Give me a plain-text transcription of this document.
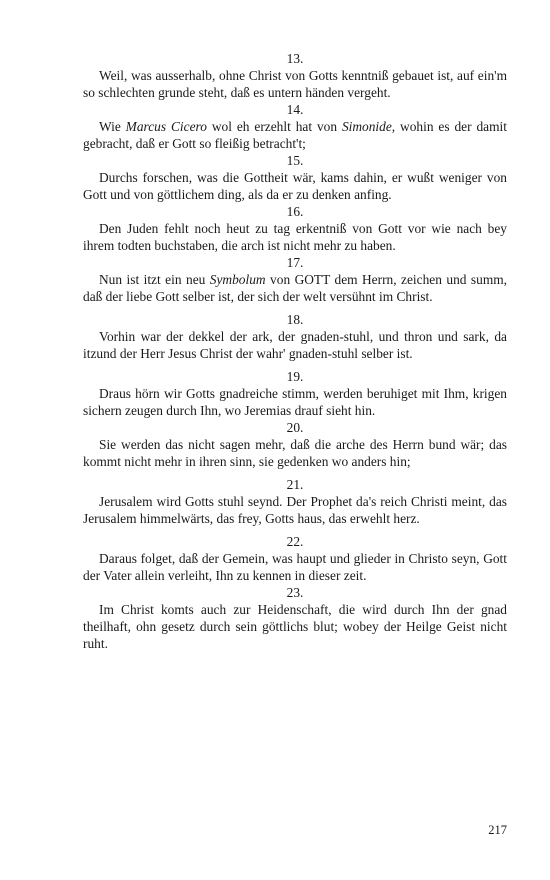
13.

Weil, was ausserhalb, ohne Christ von Gotts kenntniß gebauet ist, auf ein'm so schlechten grunde steht, daß es untern händen vergeht.

14.

Wie Marcus Cicero wol eh erzehlt hat von Simonide, wohin es der damit gebracht, daß er Gott so fleißig betracht't;

15.

Durchs forschen, was die Gottheit wär, kams dahin, er wußt weniger von Gott und von göttlichem ding, als da er zu denken anfing.

16.

Den Juden fehlt noch heut zu tag erkentniß von Gott vor wie nach bey ihrem todten buchstaben, die arch ist nicht mehr zu haben.

17.

Nun ist itzt ein neu Symbolum von GOTT dem Herrn, zeichen und summ, daß der liebe Gott selber ist, der sich der welt versühnt im Christ.

18.

Vorhin war der dekkel der ark, der gnaden-stuhl, und thron und sark, da itzund der Herr Jesus Christ der wahr' gnaden-stuhl selber ist.

19.

Draus hörn wir Gotts gnadreiche stimm, werden beruhiget mit Ihm, krigen sichern zeugen durch Ihn, wo Jeremias drauf sieht hin.

20.

Sie werden das nicht sagen mehr, daß die arche des Herrn bund wär; das kommt nicht mehr in ihren sinn, sie gedenken wo anders hin;

21.

Jerusalem wird Gotts stuhl seynd. Der Prophet da's reich Christi meint, das Jerusalem himmelwärts, das frey, Gotts haus, das erwehlt herz.

22.

Daraus folget, daß der Gemein, was haupt und glieder in Christo seyn, Gott der Vater allein verleiht, Ihn zu kennen in dieser zeit.

23.

Im Christ komts auch zur Heidenschaft, die wird durch Ihn der gnad theilhaft, ohn gesetz durch sein göttlichs blut; wobey der Heilge Geist nicht ruht.

217
